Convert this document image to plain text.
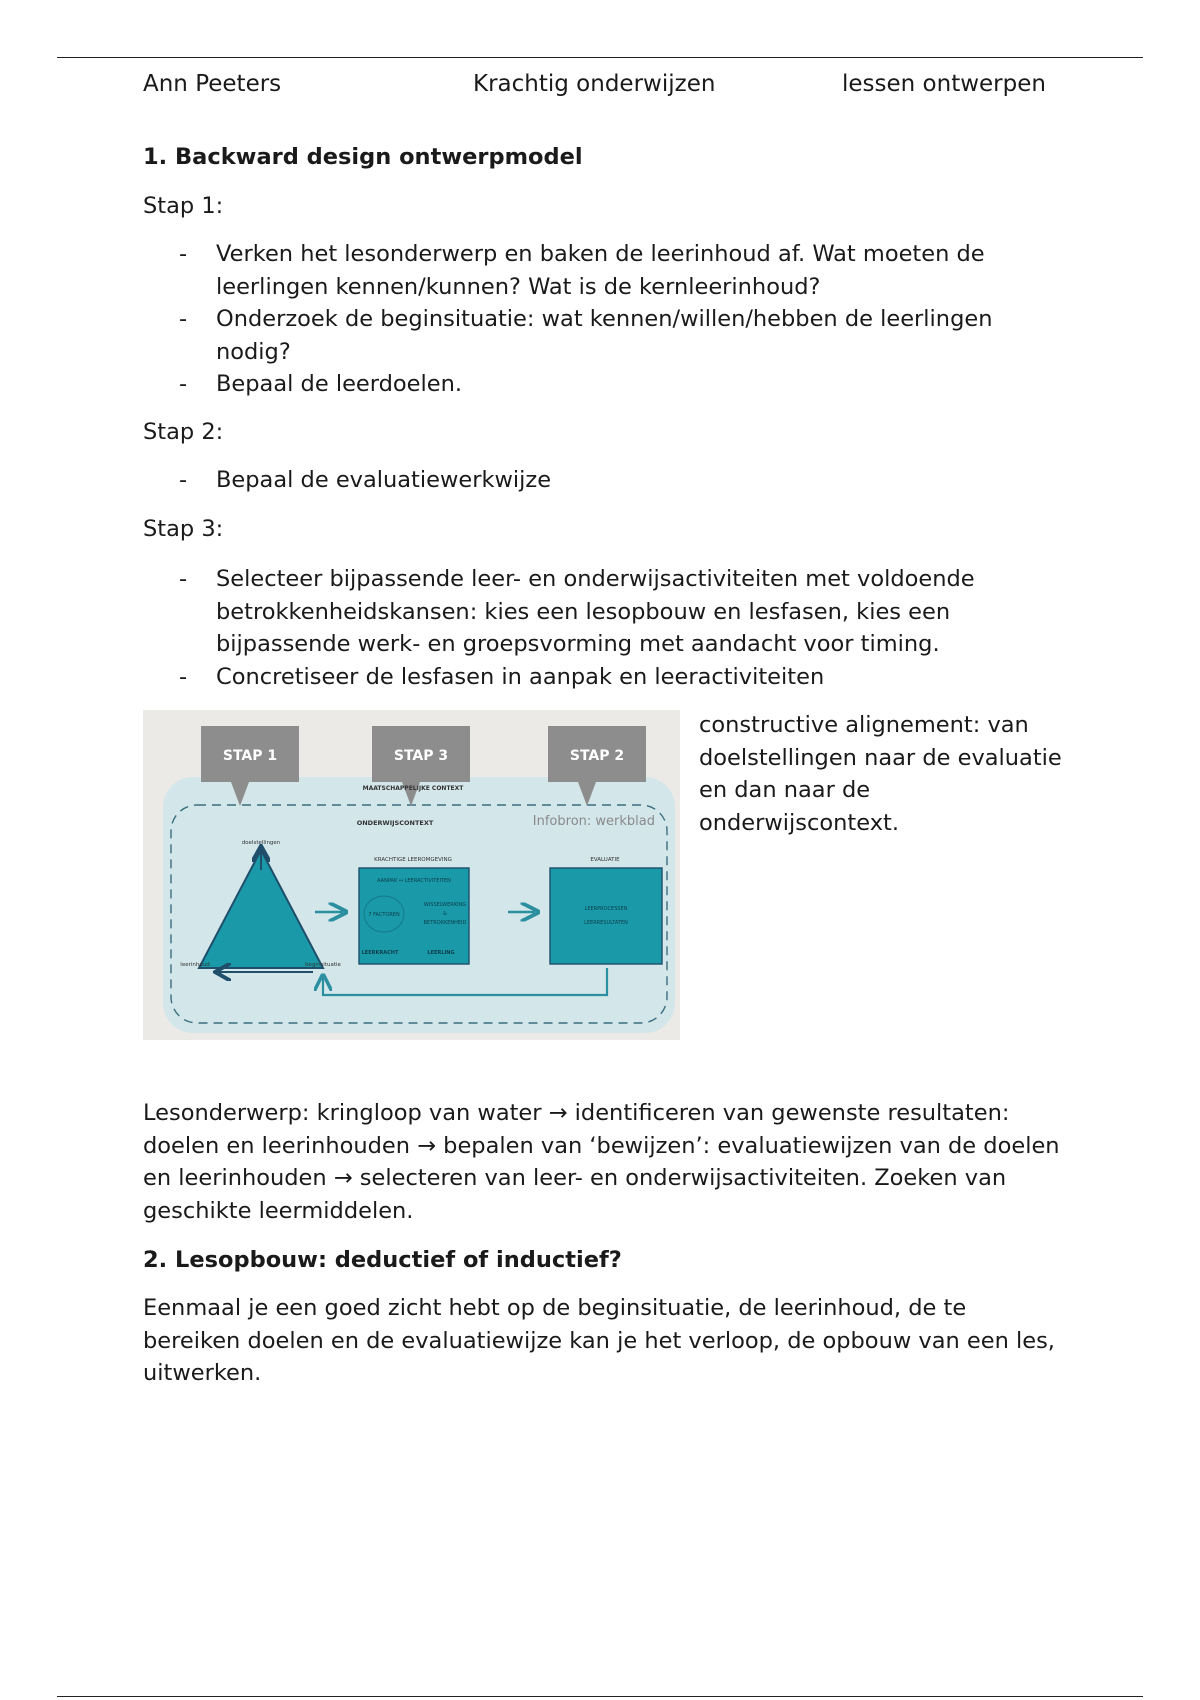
Ann Peeters	Krachtig onderwijzen	lessen ontwerpen
1. Backward design ontwerpmodel
Stap 1:
- Verken het lesonderwerp en baken de leerinhoud af. Wat moeten de leerlingen kennen/kunnen? Wat is de kernleerinhoud?
- Onderzoek de beginsituatie: wat kennen/willen/hebben de leerlingen nodig?
- Bepaal de leerdoelen.
Stap 2:
- Bepaal de evaluatiewerkwijze
Stap 3:
- Selecteer bijpassende leer- en onderwijsactiviteiten met voldoende betrokkenheidskansen: kies een lesopbouw en lesfasen, kies een bijpassende werk- en groepsvorming met aandacht voor timing.
- Concretiseer de lesfasen in aanpak en leeractiviteiten
STAP 1	STAP 3	STAP 2
MAATSCHAPPELIJKE CONTEXT
ONDERWIJSCONTEXT	Infobron: werkblad
doelstellingen
leerinhoud	beginsituatie
KRACHTIGE LEEROMGEVING
AANPAK ↔ LEERACTIVITEITEN
7 FACTOREN
WISSELWERKING
&
BETROKKENHEID
LEERKRACHT	LEERLING
EVALUATIE
LEERPROCESSEN
LEERRESULTATEN
constructive alignement: van doelstellingen naar de evaluatie en dan naar de onderwijscontext.
Lesonderwerp: kringloop van water → identificeren van gewenste resultaten: doelen en leerinhouden → bepalen van ‘bewijzen’: evaluatiewijzen van de doelen en leerinhouden → selecteren van leer- en onderwijsactiviteiten. Zoeken van geschikte leermiddelen.
2. Lesopbouw: deductief of inductief?
Eenmaal je een goed zicht hebt op de beginsituatie, de leerinhoud, de te bereiken doelen en de evaluatiewijze kan je het verloop, de opbouw van een les, uitwerken.
